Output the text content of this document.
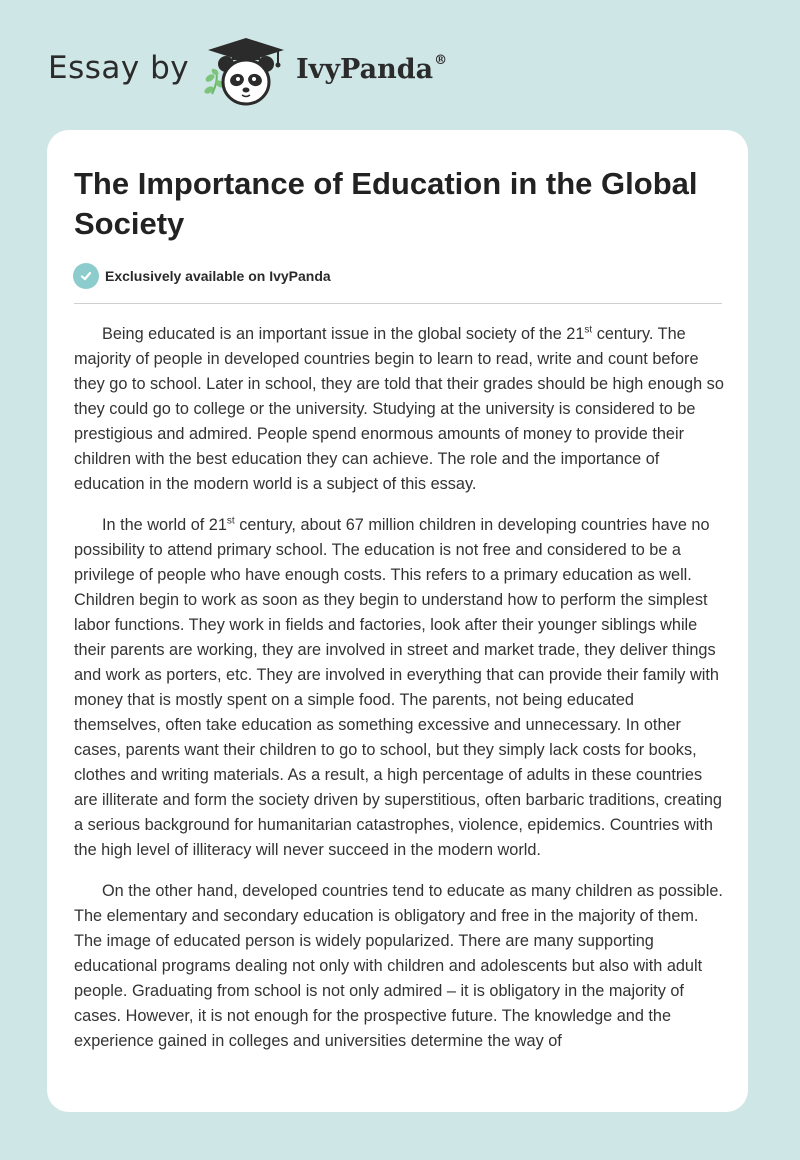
Essay by	IvyPanda®
The Importance of Education in the Global Society
Exclusively available on IvyPanda

Being educated is an important issue in the global society of the 21st century. The majority of people in developed countries begin to learn to read, write and count before they go to school. Later in school, they are told that their grades should be high enough so they could go to college or the university. Studying at the university is considered to be prestigious and admired. People spend enormous amounts of money to provide their children with the best education they can achieve. The role and the importance of education in the modern world is a subject of this essay.

In the world of 21st century, about 67 million children in developing countries have no possibility to attend primary school. The education is not free and considered to be a privilege of people who have enough costs. This refers to a primary education as well. Children begin to work as soon as they begin to understand how to perform the simplest labor functions. They work in fields and factories, look after their younger siblings while their parents are working, they are involved in street and market trade, they deliver things and work as porters, etc. They are involved in everything that can provide their family with money that is mostly spent on a simple food. The parents, not being educated themselves, often take education as something excessive and unnecessary. In other cases, parents want their children to go to school, but they simply lack costs for books, clothes and writing materials. As a result, a high percentage of adults in these countries are illiterate and form the society driven by superstitious, often barbaric traditions, creating a serious background for humanitarian catastrophes, violence, epidemics. Countries with the high level of illiteracy will never succeed in the modern world.

On the other hand, developed countries tend to educate as many children as possible. The elementary and secondary education is obligatory and free in the majority of them. The image of educated person is widely popularized. There are many supporting educational programs dealing not only with children and adolescents but also with adult people. Graduating from school is not only admired – it is obligatory in the majority of cases. However, it is not enough for the prospective future. The knowledge and the experience gained in colleges and universities determine the way of
